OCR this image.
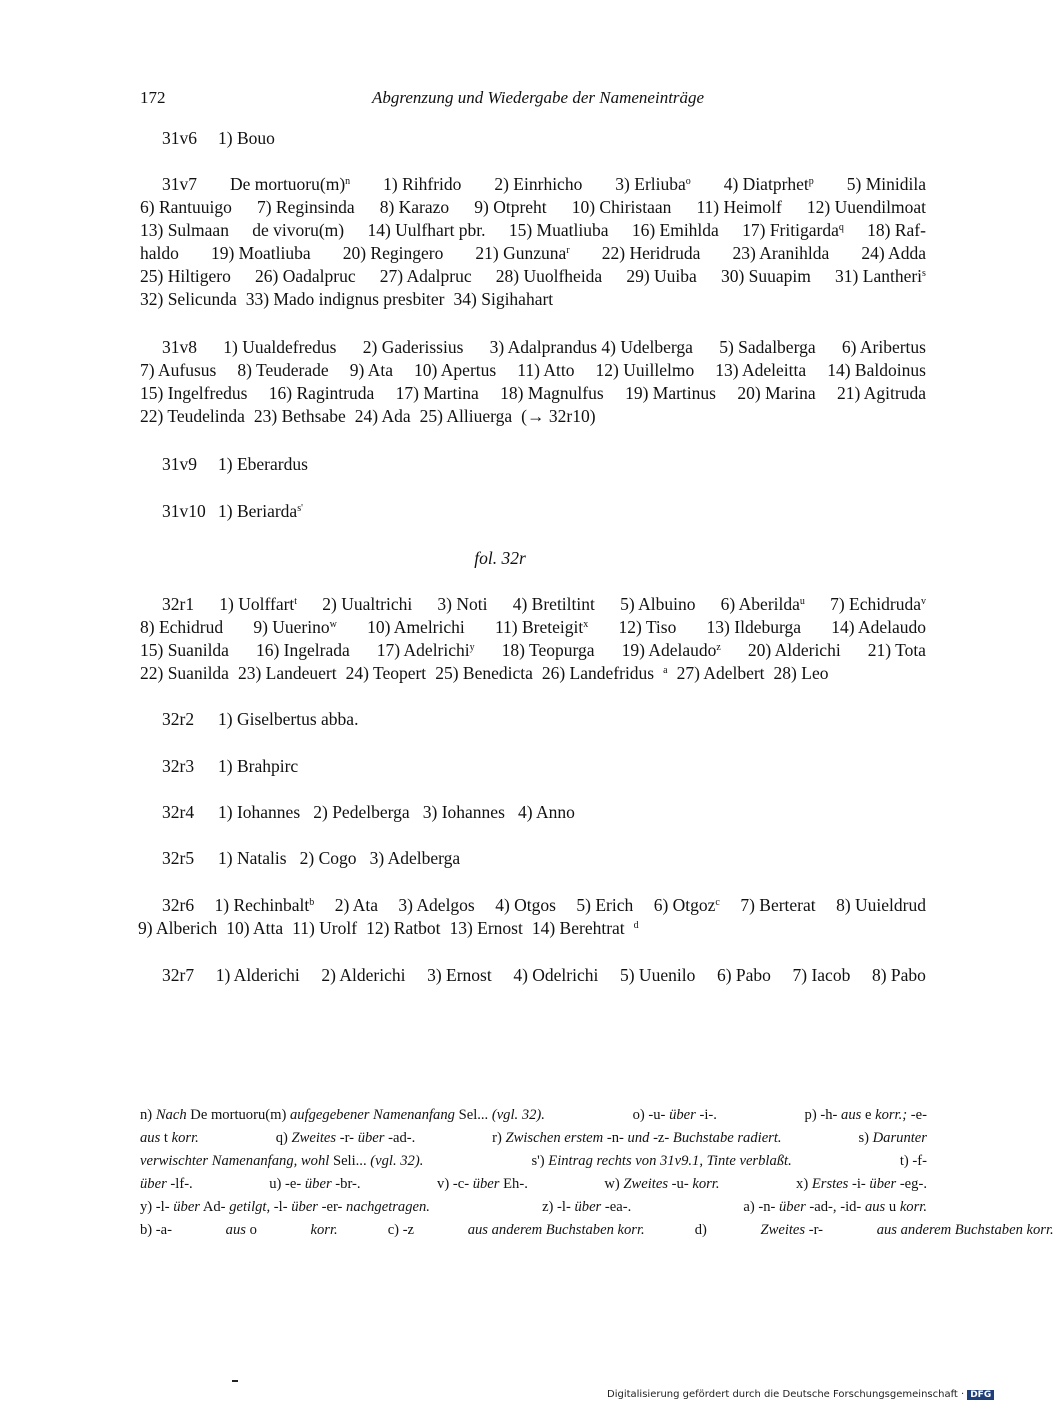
172	Abgrenzung und Wiedergabe der Nameneinträge
31v6 1) Bouo
31v7 De $mortuoru(m)^n$ 1) Rihfrido 2) Einrhicho 3) Erliuba$^o$ 4) Diatprhet$^p$ 5) Minidila
6) Rantuuigo 7) Reginsinda 8) Karazo 9) Otpreht 10) Chiristaan 11) Heimolf 12) Uuendilmoat
13) Sulmaan de vivoru(m) 14) Uulfhart pbr. 15) Muatliuba 16) Emihlda 17) Fritigarda$^q$ 18) Raf-
haldo 19) Moatliuba 20) Regingero 21) Gunzuna$^r$ 22) Heridruda 23) Aranihlda 24) Adda
25) Hiltigero 26) Oadalpruc 27) Adalpruc 28) Uuolfheida 29) Uuiba 30) Suuapim 31) Lantheri$^s$
32) Selicunda 33) Mado indignus presbiter 34) Sigihahart
31v8 1) Uualdefredus 2) Gaderissius 3) Adalprandus 4) Udelberga 5) Sadalberga 6) Aribertus
7) Aufusus 8) Teuderade 9) Ata 10) Apertus 11) Atto 12) Uuillelmo 13) Adeleitta 14) Baldoinus
15) Ingelfredus 16) Ragintruda 17) Martina 18) Magnulfus 19) Martinus 20) Marina 21) Agitruda
22) Teudelinda 23) Bethsabe 24) Ada 25) Alliuerga (→ 32r10)
31v9 1) Eberardus
31v10 1) Beriarda$^{s'}$
fol. 32r
32r1 1) Uolffart$^t$ 2) Uualtrichi 3) Noti 4) Bretiltint 5) Albuino 6) Aberilda$^u$ 7) Echidruda$^v$
8) Echidrud 9) Uuerino$^w$ 10) Amelrichi 11) Breteigit$^x$ 12) Tiso 13) Ildeburga 14) Adelaudo
15) Suanilda 16) Ingelrada 17) Adelrichi$^y$ 18) Teopurga 19) Adelaudo$^z$ 20) Alderichi 21) Tota
22) Suanilda 23) Landeuert 24) Teopert 25) Benedicta 26) Landefridus $^a$ 27) Adelbert 28) Leo
32r2 1) Giselbertus abba.
32r3 1) Brahpirc
32r4 1) Iohannes   2) Pedelberga   3) Iohannes   4) Anno
32r5 1) Natalis   2) Cogo   3) Adelberga
32r6 1) Rechinbalt$^b$ 2) Ata 3) Adelgos 4) Otgos 5) Erich 6) Otgoz$^c$ 7) Berterat 8) Uuieldrud
9) Alberich 10) Atta 11) Urolf 12) Ratbot 13) Ernost 14) Berehtrat $^d$
32r7 1) Alderichi 2) Alderichi 3) Ernost 4) Odelrichi 5) Uuenilo 6) Pabo 7) Iacob 8) Pabo
n) Nach De mortuoru(m) aufgegebener Namenanfang Sel... (vgl. 32).	o) -u- über -i-.	p) -h- aus e korr.; -e-
aus t korr.	q) Zweites -r- über -ad-.	r) Zwischen erstem -n- und -z- Buchstabe radiert.	s) Darunter
verwischter Namenanfang, wohl Seli... (vgl. 32).	s') Eintrag rechts von 31v9.1, Tinte verblaßt.	t) -f-
über -lf-.	u) -e- über -br-.	v) -c- über Eh-.	w) Zweites -u- korr.	x) Erstes -i- über -eg-.
y) -l- über Ad- getilgt, -l- über -er- nachgetragen.	z) -l- über -ea-.	a) -n- über -ad-, -id- aus u korr.
b) -a-	aus o	korr.	c) -z	aus anderem Buchstaben korr.	d)	Zweites -r-	aus anderem Buchstaben korr.
Digitalisierung gefördert durch die Deutsche Forschungsgemeinschaft · DFG
